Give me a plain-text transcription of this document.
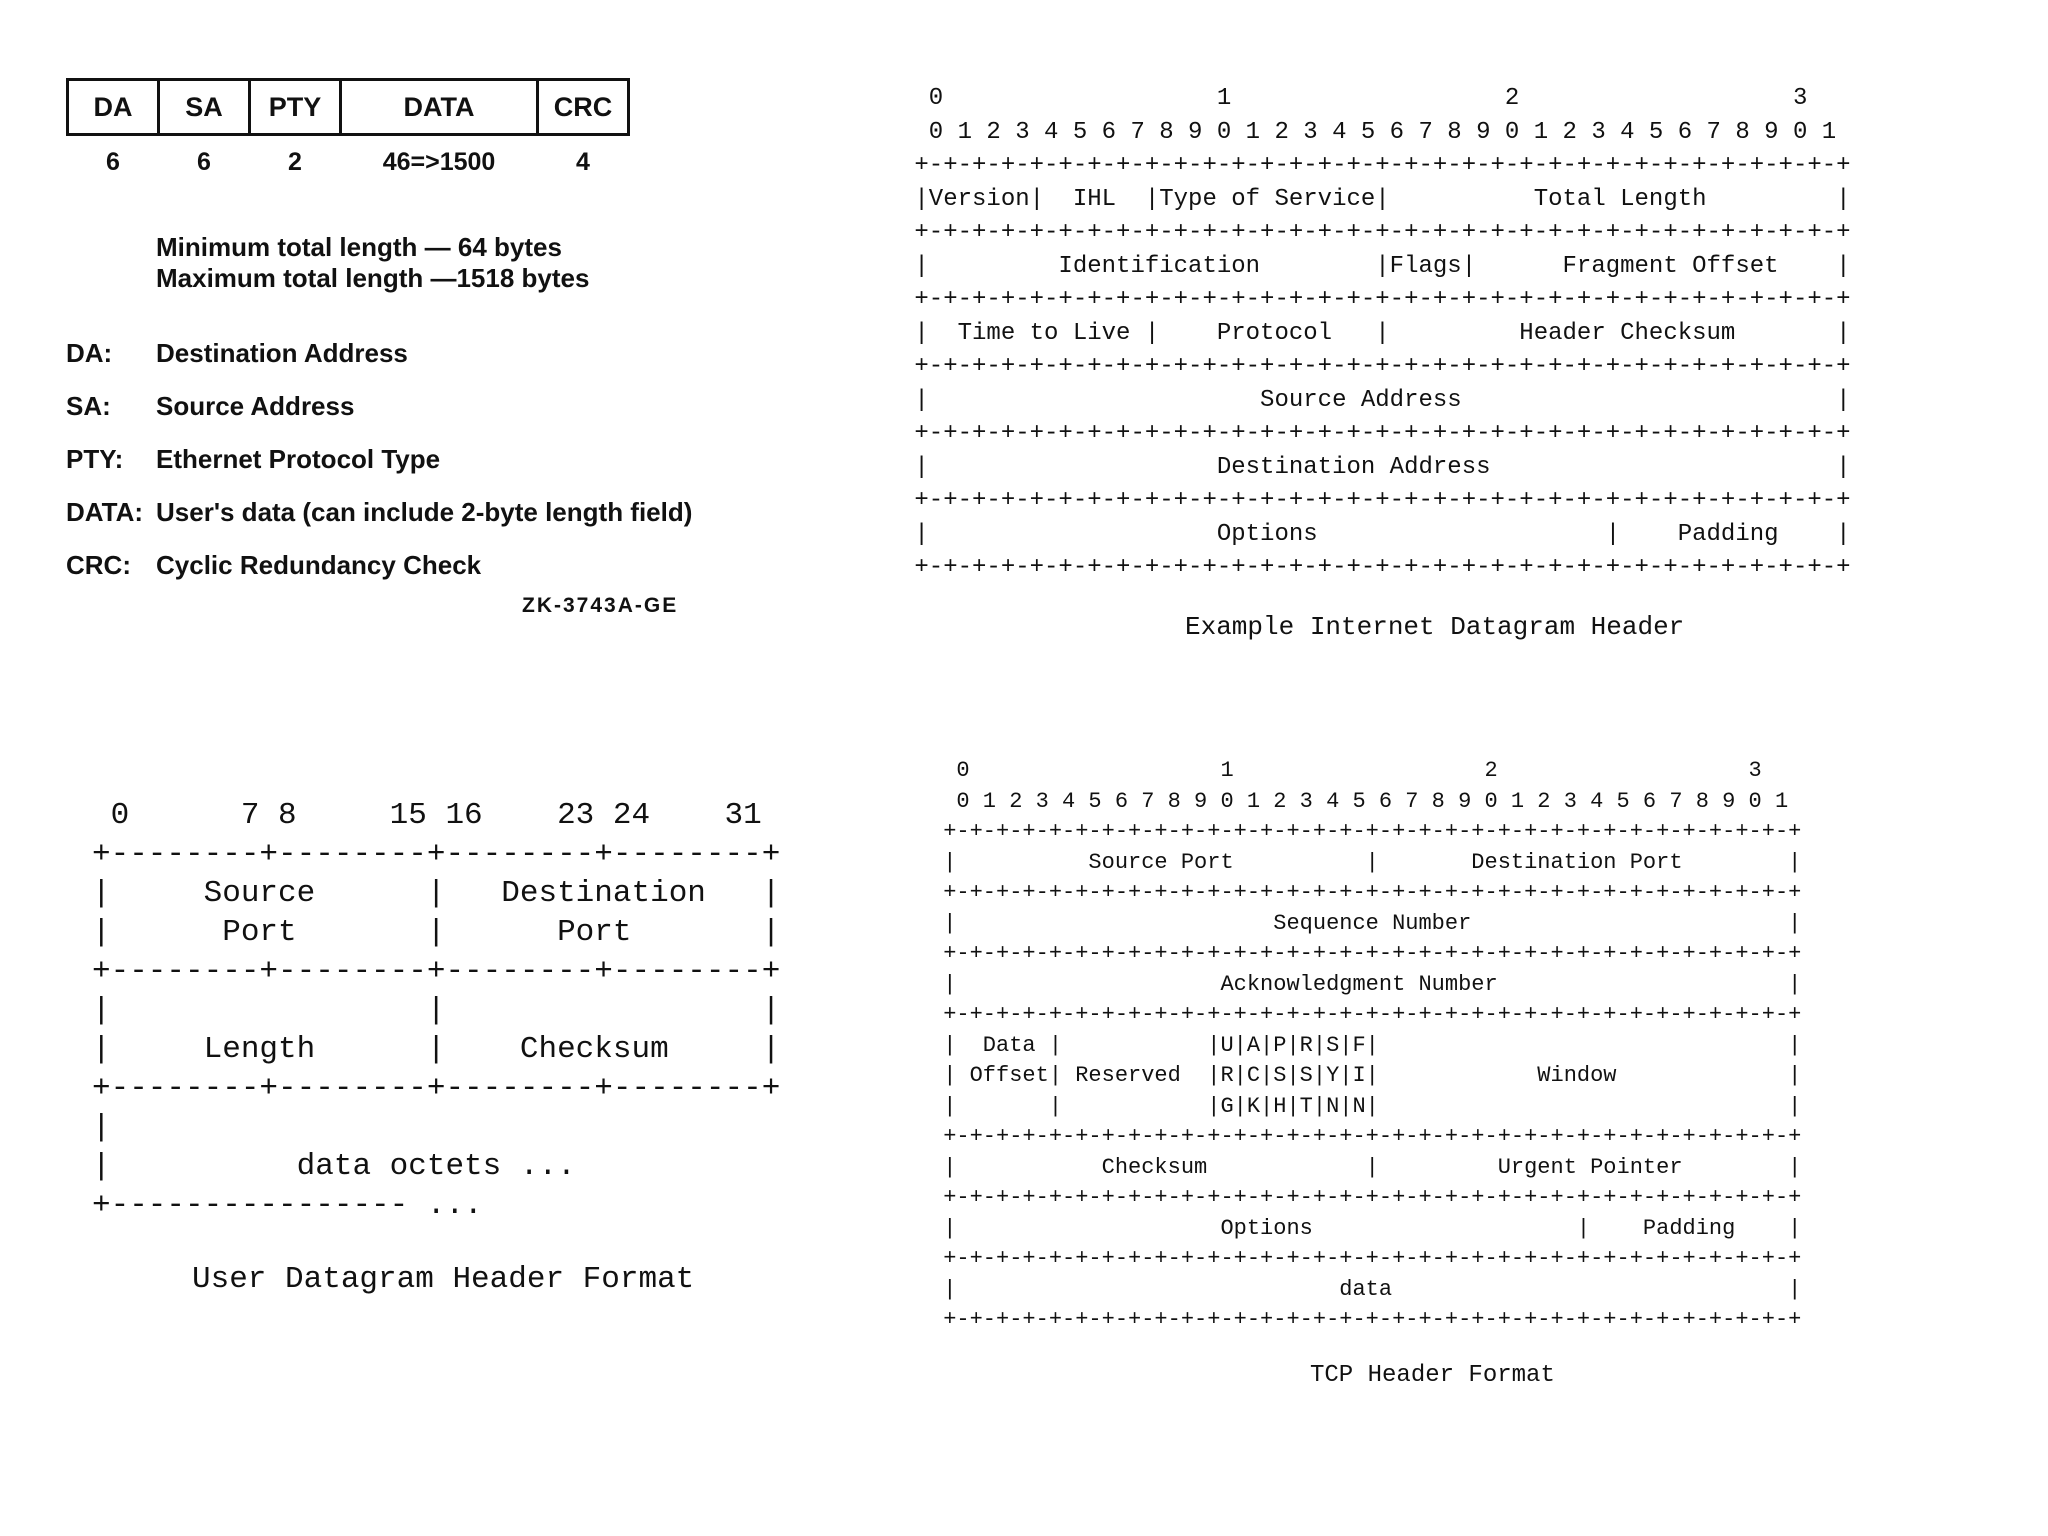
DA	SA	PTY	DATA	CRC
6	6	2	46=>1500	4
Minimum total length — 64 bytes
Maximum total length —1518 bytes
DA: Destination Address
SA: Source Address
PTY: Ethernet Protocol Type
DATA: User's data (can include 2-byte length field)
CRC: Cyclic Redundancy Check
ZK-3743A-GE
0                   1                   2                   3
0 1 2 3 4 5 6 7 8 9 0 1 2 3 4 5 6 7 8 9 0 1 2 3 4 5 6 7 8 9 0 1
+-+-+-+-+-+-+-+-+-+-+-+-+-+-+-+-+-+-+-+-+-+-+-+-+-+-+-+-+-+-+-+-+
|Version|  IHL  |Type of Service|          Total Length         |
+-+-+-+-+-+-+-+-+-+-+-+-+-+-+-+-+-+-+-+-+-+-+-+-+-+-+-+-+-+-+-+-+
|         Identification        |Flags|      Fragment Offset    |
+-+-+-+-+-+-+-+-+-+-+-+-+-+-+-+-+-+-+-+-+-+-+-+-+-+-+-+-+-+-+-+-+
|  Time to Live |    Protocol   |         Header Checksum       |
+-+-+-+-+-+-+-+-+-+-+-+-+-+-+-+-+-+-+-+-+-+-+-+-+-+-+-+-+-+-+-+-+
|                       Source Address                          |
+-+-+-+-+-+-+-+-+-+-+-+-+-+-+-+-+-+-+-+-+-+-+-+-+-+-+-+-+-+-+-+-+
|                    Destination Address                        |
+-+-+-+-+-+-+-+-+-+-+-+-+-+-+-+-+-+-+-+-+-+-+-+-+-+-+-+-+-+-+-+-+
|                    Options                    |    Padding    |
+-+-+-+-+-+-+-+-+-+-+-+-+-+-+-+-+-+-+-+-+-+-+-+-+-+-+-+-+-+-+-+-+
Example Internet Datagram Header
0      7 8     15 16    23 24    31
+--------+--------+--------+--------+
|     Source      |   Destination   |
|      Port       |      Port       |
+--------+--------+--------+--------+
|                 |                 |
|     Length      |    Checksum     |
+--------+--------+--------+--------+
|
|          data octets ...
+---------------- ...
User Datagram Header Format
0                   1                   2                   3
0 1 2 3 4 5 6 7 8 9 0 1 2 3 4 5 6 7 8 9 0 1 2 3 4 5 6 7 8 9 0 1
+-+-+-+-+-+-+-+-+-+-+-+-+-+-+-+-+-+-+-+-+-+-+-+-+-+-+-+-+-+-+-+-+
|          Source Port          |       Destination Port        |
+-+-+-+-+-+-+-+-+-+-+-+-+-+-+-+-+-+-+-+-+-+-+-+-+-+-+-+-+-+-+-+-+
|                        Sequence Number                        |
+-+-+-+-+-+-+-+-+-+-+-+-+-+-+-+-+-+-+-+-+-+-+-+-+-+-+-+-+-+-+-+-+
|                    Acknowledgment Number                      |
+-+-+-+-+-+-+-+-+-+-+-+-+-+-+-+-+-+-+-+-+-+-+-+-+-+-+-+-+-+-+-+-+
|  Data |           |U|A|P|R|S|F|                               |
| Offset| Reserved  |R|C|S|S|Y|I|            Window             |
|       |           |G|K|H|T|N|N|                               |
+-+-+-+-+-+-+-+-+-+-+-+-+-+-+-+-+-+-+-+-+-+-+-+-+-+-+-+-+-+-+-+-+
|           Checksum            |         Urgent Pointer        |
+-+-+-+-+-+-+-+-+-+-+-+-+-+-+-+-+-+-+-+-+-+-+-+-+-+-+-+-+-+-+-+-+
|                    Options                    |    Padding    |
+-+-+-+-+-+-+-+-+-+-+-+-+-+-+-+-+-+-+-+-+-+-+-+-+-+-+-+-+-+-+-+-+
|                             data                              |
+-+-+-+-+-+-+-+-+-+-+-+-+-+-+-+-+-+-+-+-+-+-+-+-+-+-+-+-+-+-+-+-+
TCP Header Format
